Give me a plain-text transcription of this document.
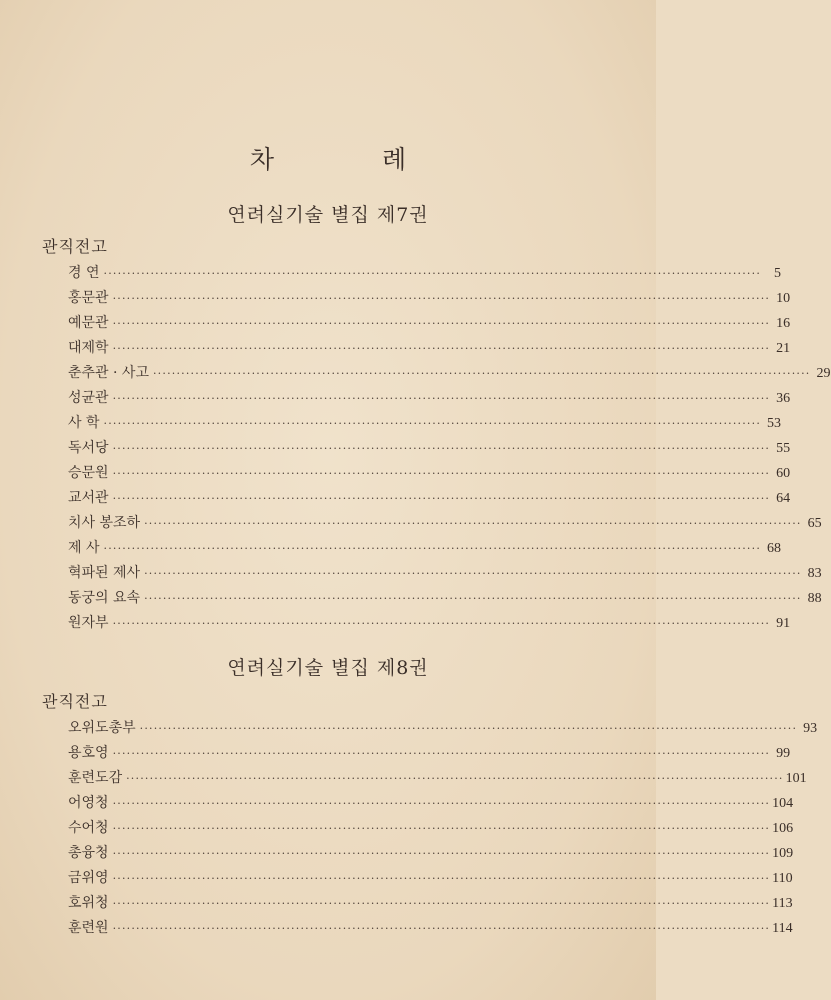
차 례
연려실기술 별집 제7권
관직전고
경 연 ············································································································································ 5
홍문관 ············································································································································ 10
예문관 ············································································································································ 16
대제학 ············································································································································ 21
춘추관 · 사고 ············································································································································ 29
성균관 ············································································································································ 36
사 학 ············································································································································ 53
독서당 ············································································································································ 55
승문원 ············································································································································ 60
교서관 ············································································································································ 64
치사 봉조하 ············································································································································ 65
제 사 ············································································································································ 68
혁파된 제사 ············································································································································ 83
동궁의 요속 ············································································································································ 88
원자부 ············································································································································ 91
연려실기술 별집 제8권
관직전고
오위도총부 ············································································································································ 93
용호영 ············································································································································ 99
훈련도감 ············································································································································ 101
어영청 ············································································································································ 104
수어청 ············································································································································ 106
총융청 ············································································································································ 109
금위영 ············································································································································ 110
호위청 ············································································································································ 113
훈련원 ············································································································································ 114
